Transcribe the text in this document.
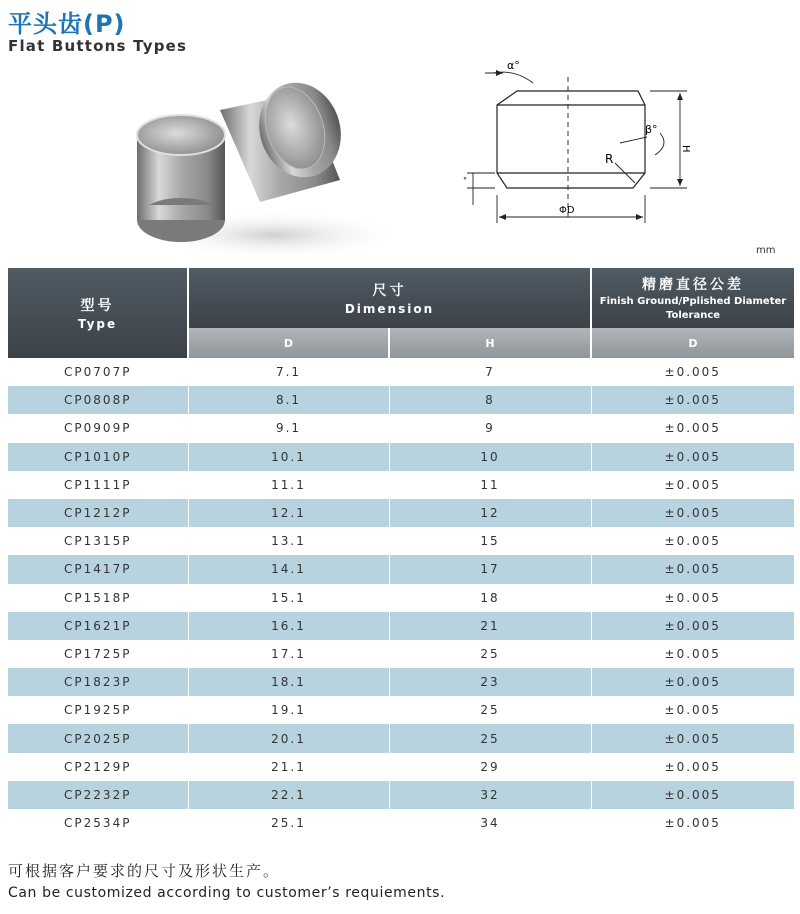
平头齿(P)
Flat Buttons Types
α°
β°
R
H
ΦD
°
mm
型号
Type	尺寸
Dimension		精磨直径公差
Finish Ground/Pplished Diameter
Tolerance

	D	H	D
CP0707P	7.1	7	±0.005
CP0808P	8.1	8	±0.005
CP0909P	9.1	9	±0.005
CP1010P	10.1	10	±0.005
CP1111P	11.1	11	±0.005
CP1212P	12.1	12	±0.005
CP1315P	13.1	15	±0.005
CP1417P	14.1	17	±0.005
CP1518P	15.1	18	±0.005
CP1621P	16.1	21	±0.005
CP1725P	17.1	25	±0.005
CP1823P	18.1	23	±0.005
CP1925P	19.1	25	±0.005
CP2025P	20.1	25	±0.005
CP2129P	21.1	29	±0.005
CP2232P	22.1	32	±0.005
CP2534P	25.1	34	±0.005
可根据客户要求的尺寸及形状生产。
Can be customized according to customer’s requiements.
